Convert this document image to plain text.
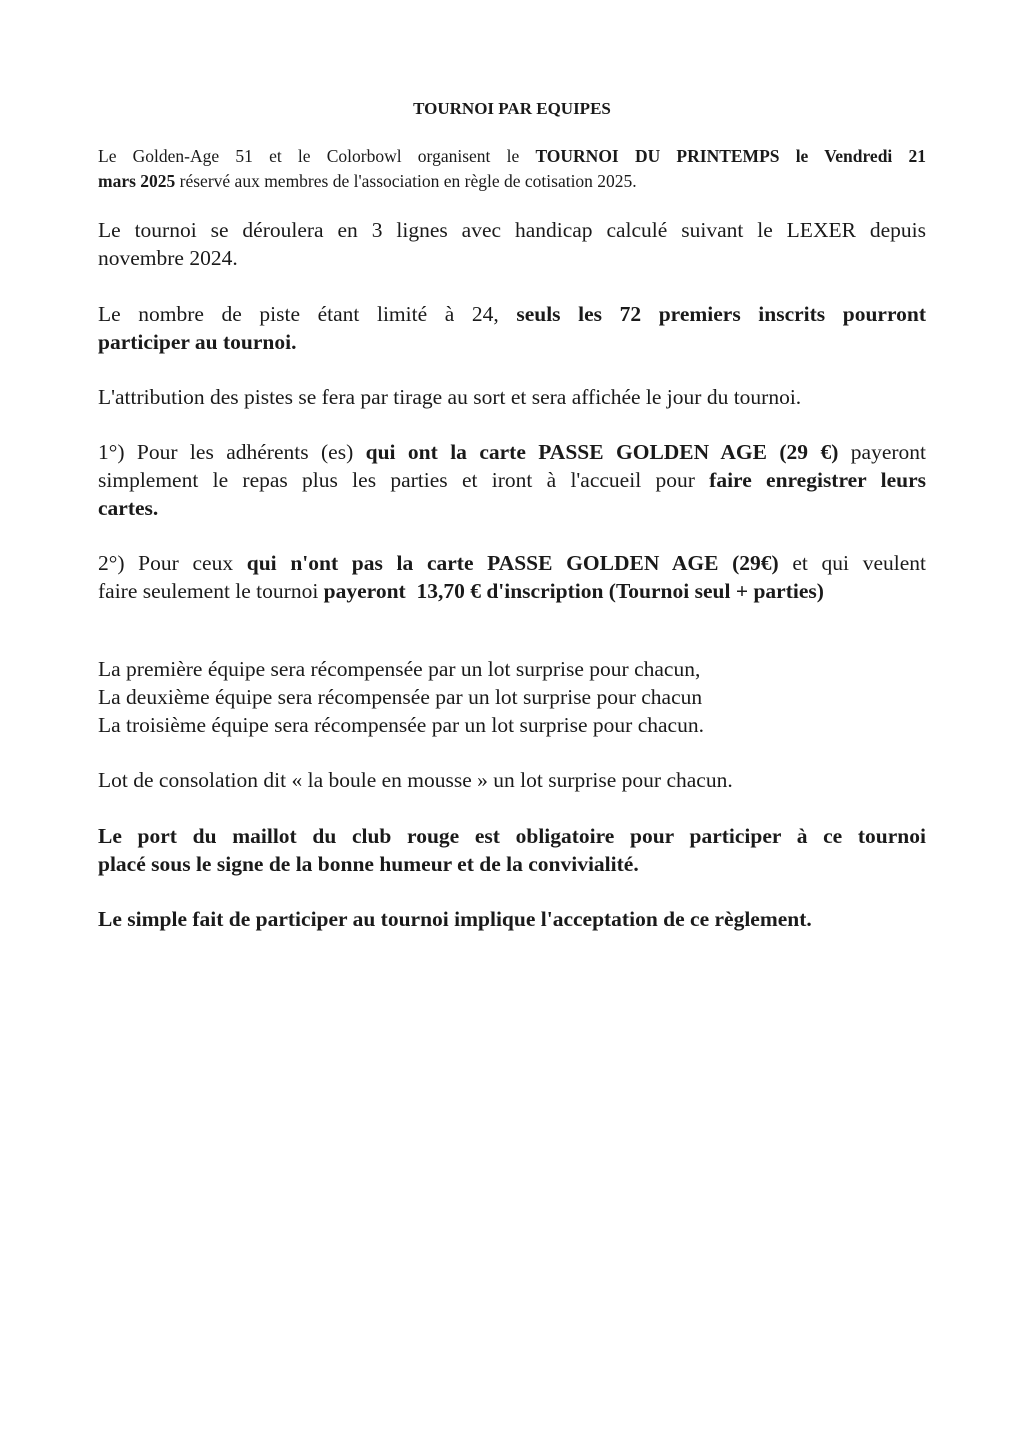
TOURNOI PAR EQUIPES
Le Golden-Age 51 et le Colorbowl organisent le TOURNOI DU PRINTEMPS le Vendredi 21
mars 2025 réservé aux membres de l'association en règle de cotisation 2025.
Le tournoi se déroulera en 3 lignes avec handicap calculé suivant le LEXER depuis
novembre 2024.
Le nombre de piste étant limité à 24, seuls les 72 premiers inscrits pourront
participer au tournoi.
L'attribution des pistes se fera par tirage au sort et sera affichée le jour du tournoi.
1°) Pour les adhérents (es) qui ont la carte PASSE GOLDEN AGE (29 €) payeront
simplement le repas plus les parties et iront à l'accueil pour faire enregistrer leurs
cartes.
2°) Pour ceux qui n'ont pas la carte PASSE GOLDEN AGE (29€) et qui veulent
faire seulement le tournoi payeront  13,70 € d'inscription (Tournoi seul + parties)
La première équipe sera récompensée par un lot surprise pour chacun,
La deuxième équipe sera récompensée par un lot surprise pour chacun
La troisième équipe sera récompensée par un lot surprise pour chacun.
Lot de consolation dit « la boule en mousse » un lot surprise pour chacun.
Le port du maillot du club rouge est obligatoire pour participer à ce tournoi
placé sous le signe de la bonne humeur et de la convivialité.
Le simple fait de participer au tournoi implique l'acceptation de ce règlement.
